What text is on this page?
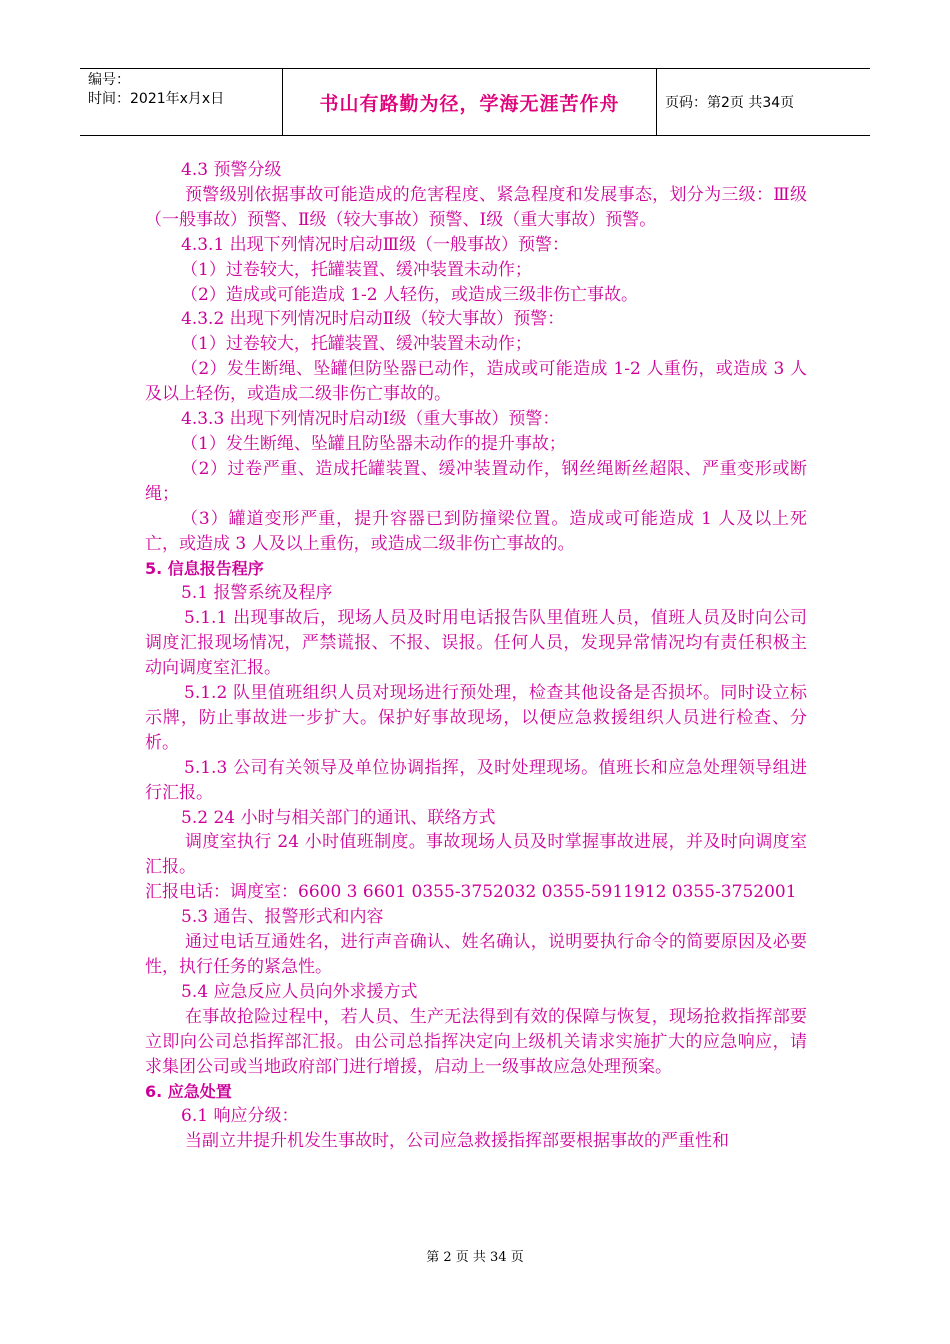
编号：
时间：2021年x月x日	书山有路勤为径，学海无涯苦作舟	页码：第2页 共34页

4.3 预警分级

预警级别依据事故可能造成的危害程度、紧急程度和发展事态，划分为三级：Ⅲ级（一般事故）预警、Ⅱ级（较大事故）预警、Ⅰ级（重大事故）预警。

4.3.1 出现下列情况时启动Ⅲ级（一般事故）预警：

（1）过卷较大，托罐装置、缓冲装置未动作；

（2）造成或可能造成 1-2 人轻伤，或造成三级非伤亡事故。

4.3.2 出现下列情况时启动Ⅱ级（较大事故）预警：

（1）过卷较大，托罐装置、缓冲装置未动作；

（2）发生断绳、坠罐但防坠器已动作，造成或可能造成 1-2 人重伤，或造成 3 人及以上轻伤，或造成二级非伤亡事故的。

4.3.3 出现下列情况时启动Ⅰ级（重大事故）预警：

（1）发生断绳、坠罐且防坠器未动作的提升事故；

（2）过卷严重、造成托罐装置、缓冲装置动作，钢丝绳断丝超限、严重变形或断绳；

（3）罐道变形严重，提升容器已到防撞梁位置。造成或可能造成 1 人及以上死亡，或造成 3 人及以上重伤，或造成二级非伤亡事故的。

5. 信息报告程序

5.1 报警系统及程序

5.1.1 出现事故后，现场人员及时用电话报告队里值班人员，值班人员及时向公司调度汇报现场情况，严禁谎报、不报、误报。任何人员，发现异常情况均有责任积极主动向调度室汇报。

5.1.2 队里值班组织人员对现场进行预处理，检查其他设备是否损坏。同时设立标示牌，防止事故进一步扩大。保护好事故现场，以便应急救援组织人员进行检查、分析。

5.1.3 公司有关领导及单位协调指挥，及时处理现场。值班长和应急处理领导组进行汇报。

5.2 24 小时与相关部门的通讯、联络方式

调度室执行 24 小时值班制度。事故现场人员及时掌握事故进展，并及时向调度室汇报。

汇报电话：调度室：6600 3 6601 0355-3752032 0355-5911912 0355-3752001

5.3 通告、报警形式和内容

通过电话互通姓名，进行声音确认、姓名确认，说明要执行命令的简要原因及必要性，执行任务的紧急性。

5.4 应急反应人员向外求援方式

在事故抢险过程中，若人员、生产无法得到有效的保障与恢复，现场抢救指挥部要立即向公司总指挥部汇报。由公司总指挥决定向上级机关请求实施扩大的应急响应，请求集团公司或当地政府部门进行增援，启动上一级事故应急处理预案。

6. 应急处置

6.1 响应分级：

当副立井提升机发生事故时，公司应急救援指挥部要根据事故的严重性和

第 2 页 共 34 页
